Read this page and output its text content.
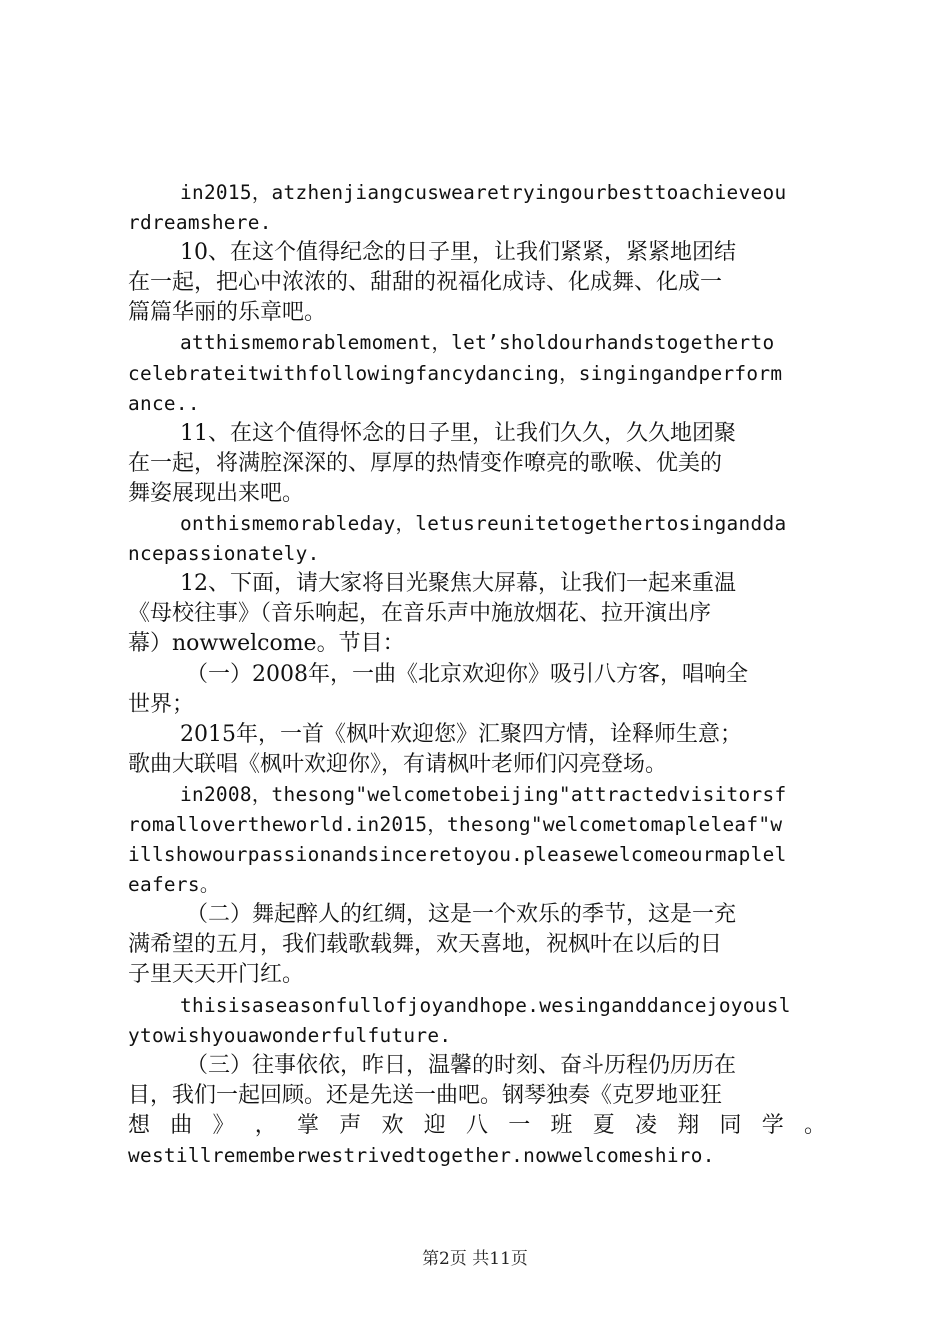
in2015，atzhenjiangcuswearetryingourbesttoachieveou
rdreamshere.
10、在这个值得纪念的日子里，让我们紧紧，紧紧地团结
在一起，把心中浓浓的、甜甜的祝福化成诗、化成舞、化成一
篇篇华丽的乐章吧。
atthismemorablemoment，let’sholdourhandstogetherto
celebrateitwithfollowingfancydancing，singingandperform
ance..
11、在这个值得怀念的日子里，让我们久久，久久地团聚
在一起，将满腔深深的、厚厚的热情变作嘹亮的歌喉、优美的
舞姿展现出来吧。
onthismemorableday，letusreunitetogethertosinganddа
ncepassionately.
12、下面，请大家将目光聚焦大屏幕，让我们一起来重温
《母校往事》（音乐响起，在音乐声中施放烟花、拉开演出序
幕）nowwelcome。节目：
（一）2008年，一曲《北京欢迎你》吸引八方客，唱响全
世界；
2015年，一首《枫叶欢迎您》汇聚四方情，诠释师生意；
歌曲大联唱《枫叶欢迎你》，有请枫叶老师们闪亮登场。
in2008，thesong"welcometobeijing"attractedvisitorsf
romallovertheworld.in2015，thesong"welcometomapleleaf"w
illshowourpassionandsinceretoyou.pleasewelcomeourmaplel
eafers。
（二）舞起醉人的红绸，这是一个欢乐的季节，这是一充
满希望的五月，我们载歌载舞，欢天喜地，祝枫叶在以后的日
子里天天开门红。
thisisaseasonfullofjoyandhope.wesinganddancejoyousl
ytowishyouawonderfulfuture.
（三）往事依依，昨日，温馨的时刻、奋斗历程仍历历在
目，我们一起回顾。还是先送一曲吧。钢琴独奏《克罗地亚狂
想 曲 》 ， 掌 声 欢 迎 八 一 班 夏 凌 翔 同 学 。
westillrememberwestrivedtogether.nowwelcomeshiro.
第2页 共11页
